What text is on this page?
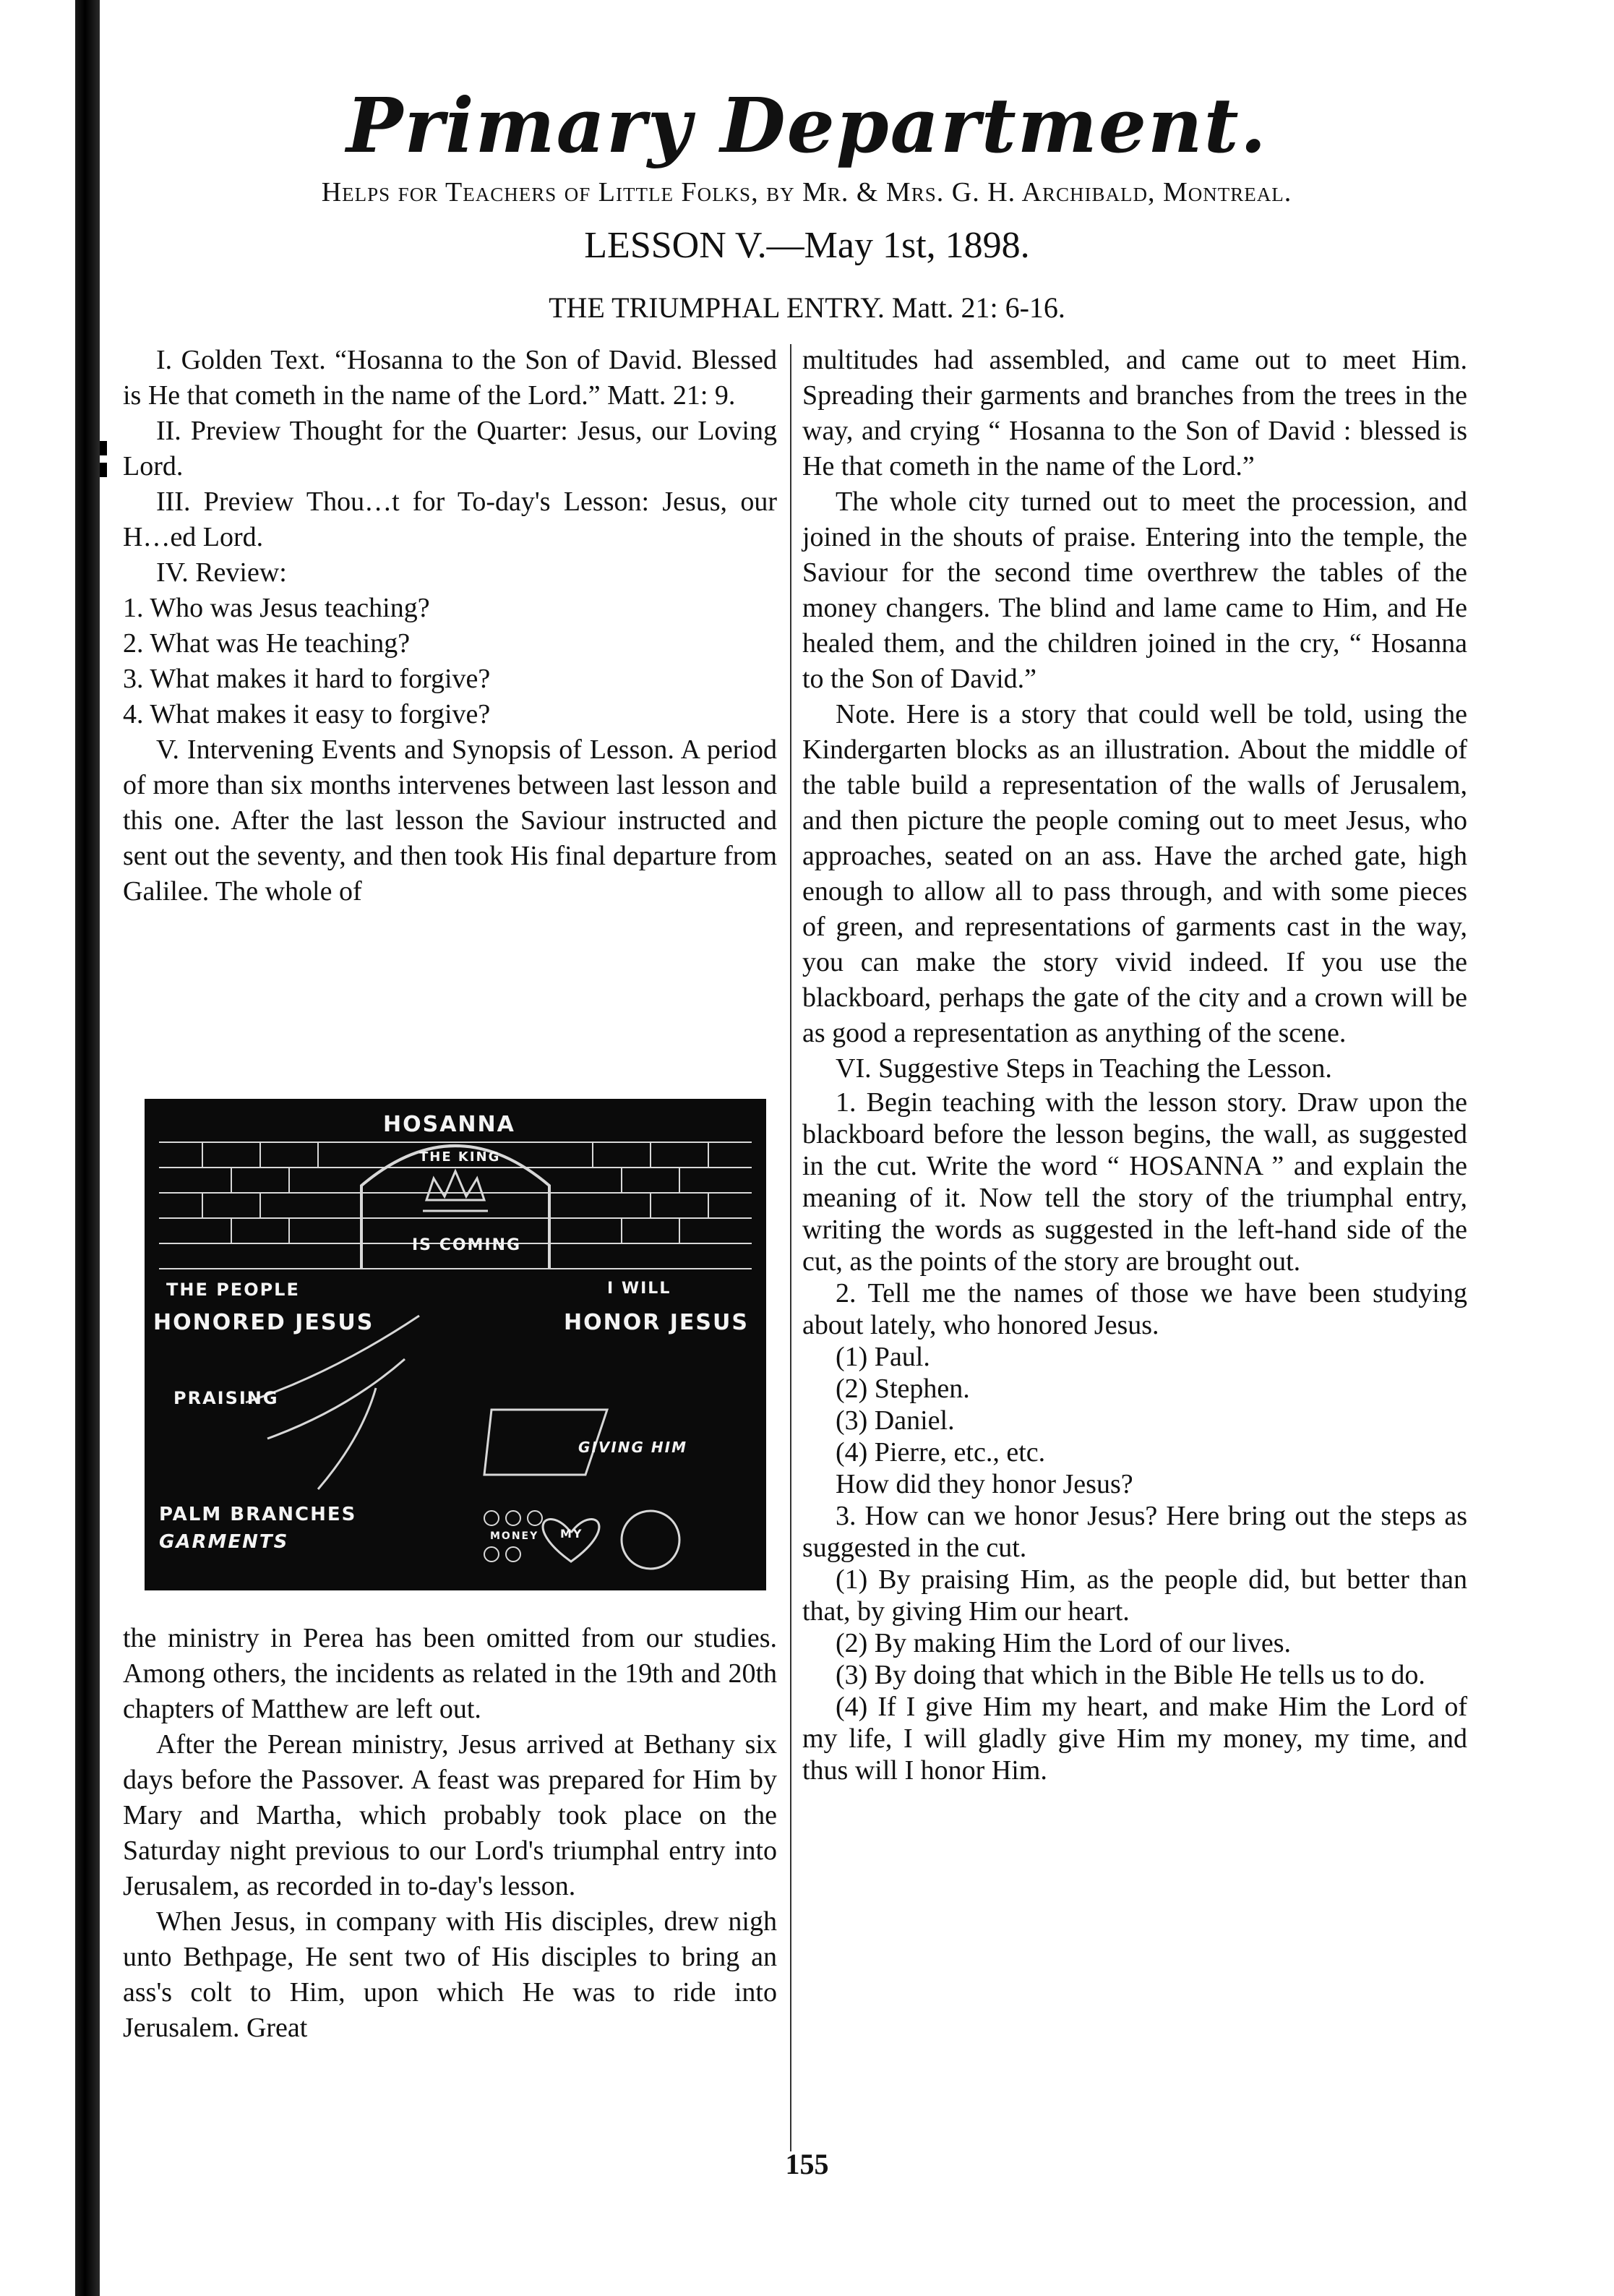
Primary Department.
Helps for Teachers of Little Folks, by Mr. & Mrs. G. H. Archibald, Montreal.
LESSON V.—May 1st, 1898.
THE TRIUMPHAL ENTRY. Matt. 21: 6-16.

I. Golden Text. “Hosanna to the Son of David. Blessed is He that cometh in the name of the Lord.” Matt. 21: 9.

II. Preview Thought for the Quarter: Jesus, our Loving Lord.

III. Preview Thou…t for To-day's Lesson: Jesus, our H…ed Lord.

IV. Review:

1. Who was Jesus teaching?

2. What was He teaching?

3. What makes it hard to forgive?

4. What makes it easy to forgive?

V. Intervening Events and Synopsis of Lesson. A period of more than six months intervenes between last lesson and this one. After the last lesson the Saviour instructed and sent out the seventy, and then took His final departure from Galilee. The whole of

HOSANNA
THE KING
IS COMING
THE PEOPLE
HONORED JESUS
I WILL
HONOR JESUS
PRAISING
GIVING HIM
PALM BRANCHES
GARMENTS	MONEY MY

the ministry in Perea has been omitted from our studies. Among others, the incidents as related in the 19th and 20th chapters of Matthew are left out.

After the Perean ministry, Jesus arrived at Bethany six days before the Passover. A feast was prepared for Him by Mary and Martha, which probably took place on the Saturday night previous to our Lord's triumphal entry into Jerusalem, as recorded in to-day's lesson.

When Jesus, in company with His disciples, drew nigh unto Bethpage, He sent two of His disciples to bring an ass's colt to Him, upon which He was to ride into Jerusalem. Great

multitudes had assembled, and came out to meet Him. Spreading their garments and branches from the trees in the way, and crying “ Hosanna to the Son of David : blessed is He that cometh in the name of the Lord.”

The whole city turned out to meet the procession, and joined in the shouts of praise. Entering into the temple, the Saviour for the second time overthrew the tables of the money changers. The blind and lame came to Him, and He healed them, and the children joined in the cry, “ Hosanna to the Son of David.”

Note. Here is a story that could well be told, using the Kindergarten blocks as an illustration. About the middle of the table build a representation of the walls of Jerusalem, and then picture the people coming out to meet Jesus, who approaches, seated on an ass. Have the arched gate, high enough to allow all to pass through, and with some pieces of green, and representations of garments cast in the way, you can make the story vivid indeed. If you use the blackboard, perhaps the gate of the city and a crown will be as good a representation as anything of the scene.

VI. Suggestive Steps in Teaching the Lesson.

1. Begin teaching with the lesson story. Draw upon the blackboard before the lesson begins, the wall, as suggested in the cut. Write the word “ HOSANNA ” and explain the meaning of it. Now tell the story of the triumphal entry, writing the words as suggested in the left-hand side of the cut, as the points of the story are brought out.

2. Tell me the names of those we have been studying about lately, who honored Jesus.

(1) Paul.

(2) Stephen.

(3) Daniel.

(4) Pierre, etc., etc.

How did they honor Jesus?

3. How can we honor Jesus? Here bring out the steps as suggested in the cut.

(1) By praising Him, as the people did, but better than that, by giving Him our heart.

(2) By making Him the Lord of our lives.

(3) By doing that which in the Bible He tells us to do.

(4) If I give Him my heart, and make Him the Lord of my life, I will gladly give Him my money, my time, and thus will I honor Him.

155
